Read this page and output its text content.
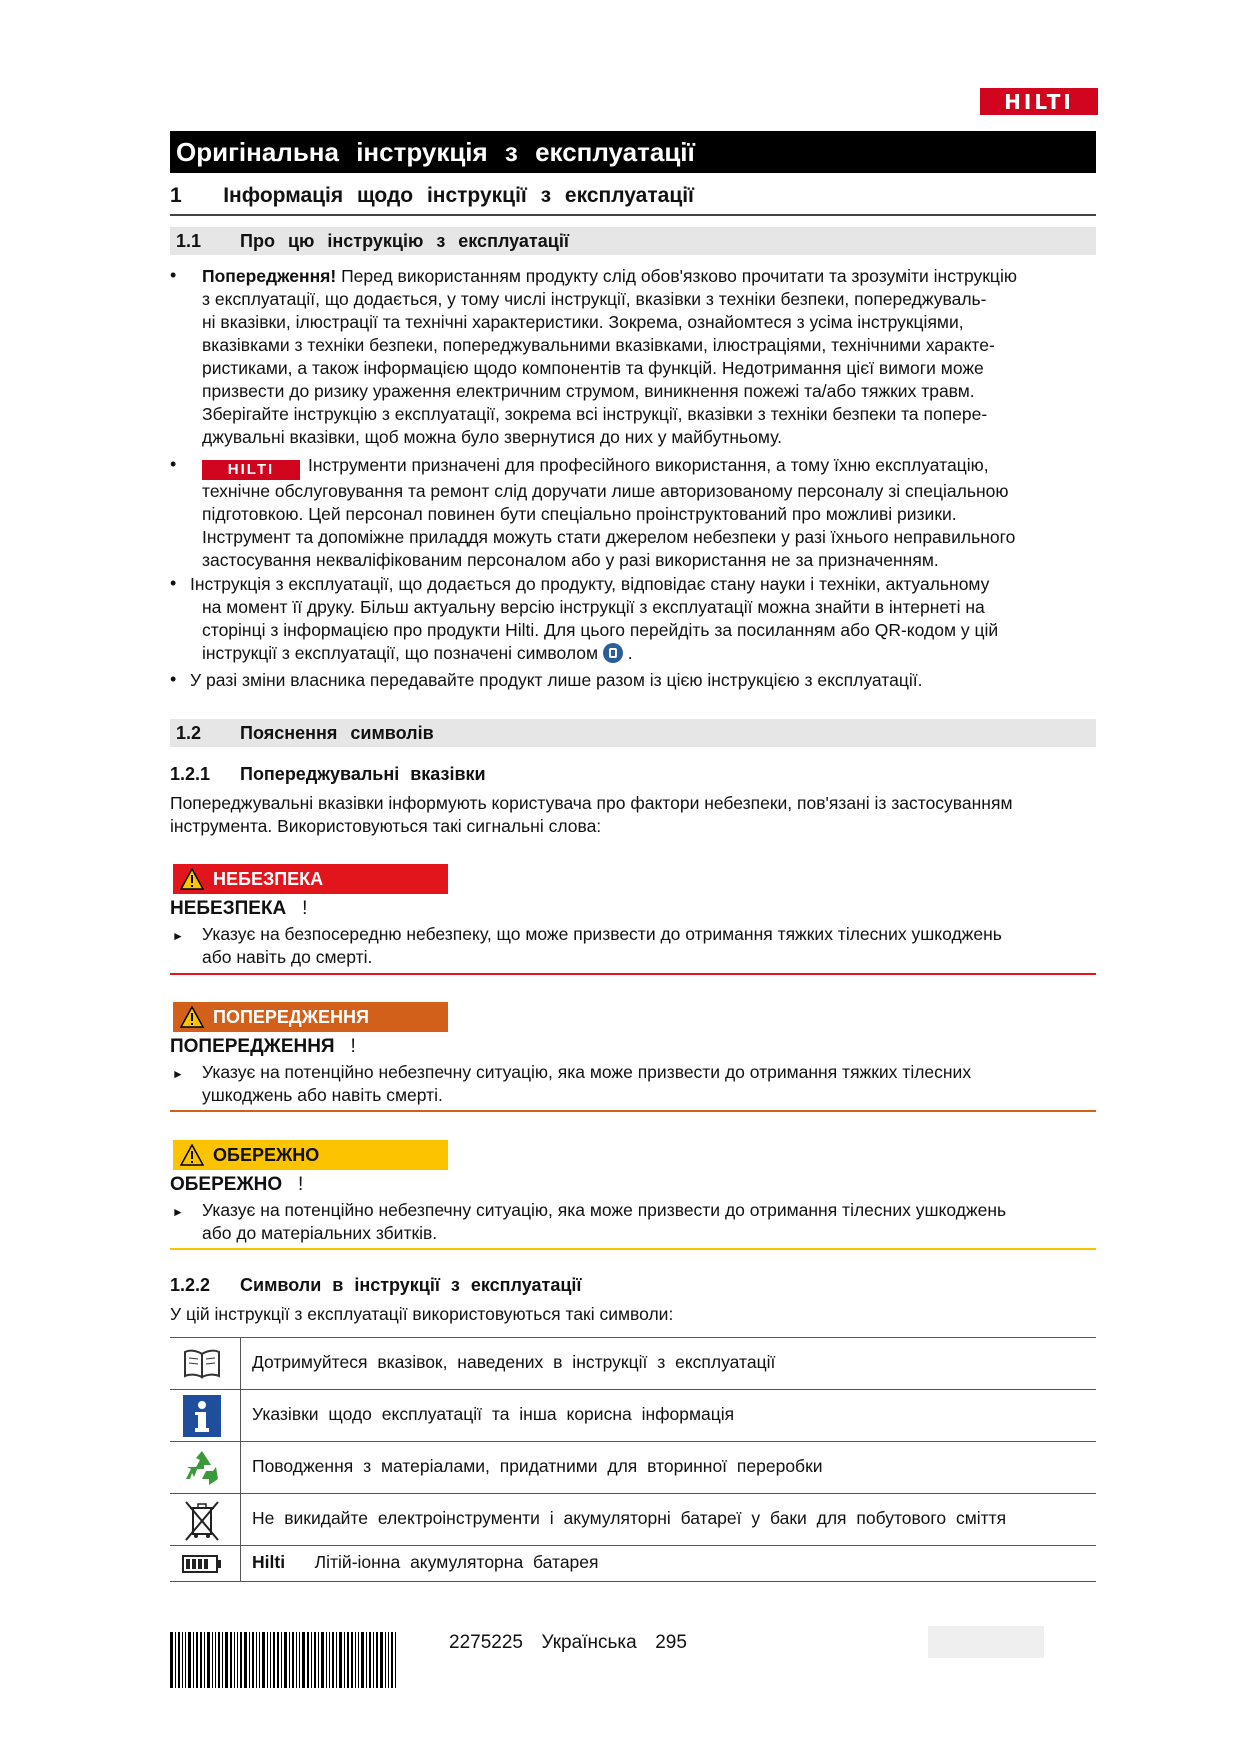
HILTI
Оригінальна інструкція з експлуатації
1 Інформація щодо інструкції з експлуатації
1.1 Про цю інструкцію з експлуатації
• Попередження! Перед використанням продукту слід обов'язково прочитати та зрозуміти інструкцію
з експлуатації, що додається, у тому числі інструкції, вказівки з техніки безпеки, попереджуваль-
ні вказівки, ілюстрації та технічні характеристики. Зокрема, ознайомтеся з усіма інструкціями,
вказівками з техніки безпеки, попереджувальними вказівками, ілюстраціями, технічними характе-
ристиками, а також інформацією щодо компонентів та функцій. Недотримання цієї вимоги може
призвести до ризику ураження електричним струмом, виникнення пожежі та/або тяжких травм.
Зберігайте інструкцію з експлуатації, зокрема всі інструкції, вказівки з техніки безпеки та попере-
джувальні вказівки, щоб можна було звернутися до них у майбутньому.
•	HILTI Інструменти призначені для професійного використання, а тому їхню експлуатацію,
технічне обслуговування та ремонт слід доручати лише авторизованому персоналу зі спеціальною
підготовкою. Цей персонал повинен бути спеціально проінструктований про можливі ризики.
Інструмент та допоміжне приладдя можуть стати джерелом небезпеки у разі їхнього неправильного
застосування некваліфікованим персоналом або у разі використання не за призначенням.
• Інструкція з експлуатації, що додається до продукту, відповідає стану науки і техніки, актуальному
на момент її друку. Більш актуальну версію інструкції з експлуатації можна знайти в інтернеті на
сторінці з інформацією про продукти Hilti. Для цього перейдіть за посиланням або QR-кодом у цій
інструкції з експлуатації, що позначені символом .
• У разі зміни власника передавайте продукт лише разом із цією інструкцією з експлуатації.
1.2 Пояснення символів
1.2.1 Попереджувальні вказівки
Попереджувальні вказівки інформують користувача про фактори небезпеки, пов'язані із застосуванням
інструмента. Використовуються такі сигнальні слова:
НЕБЕЗПЕКА
НЕБЕЗПЕКА !
► Указує на безпосередню небезпеку, що може призвести до отримання тяжких тілесних ушкоджень
або навіть до смерті.
ПОПЕРЕДЖЕННЯ
ПОПЕРЕДЖЕННЯ !
► Указує на потенційно небезпечну ситуацію, яка може призвести до отримання тяжких тілесних
ушкоджень або навіть смерті.
ОБЕРЕЖНО
ОБЕРЕЖНО !
► Указує на потенційно небезпечну ситуацію, яка може призвести до отримання тілесних ушкоджень
або до матеріальних збитків.
1.2.2 Символи в інструкції з експлуатації
У цій інструкції з експлуатації використовуються такі символи:
Дотримуйтеся вказівок, наведених в інструкції з експлуатації
Указівки щодо експлуатації та інша корисна інформація
Поводження з матеріалами, придатними для вторинної переробки
Не викидайте електроінструменти і акумуляторні батареї у баки для побутового сміття
Hilti Літій-іонна акумуляторна батарея
2275225 Українська 295
